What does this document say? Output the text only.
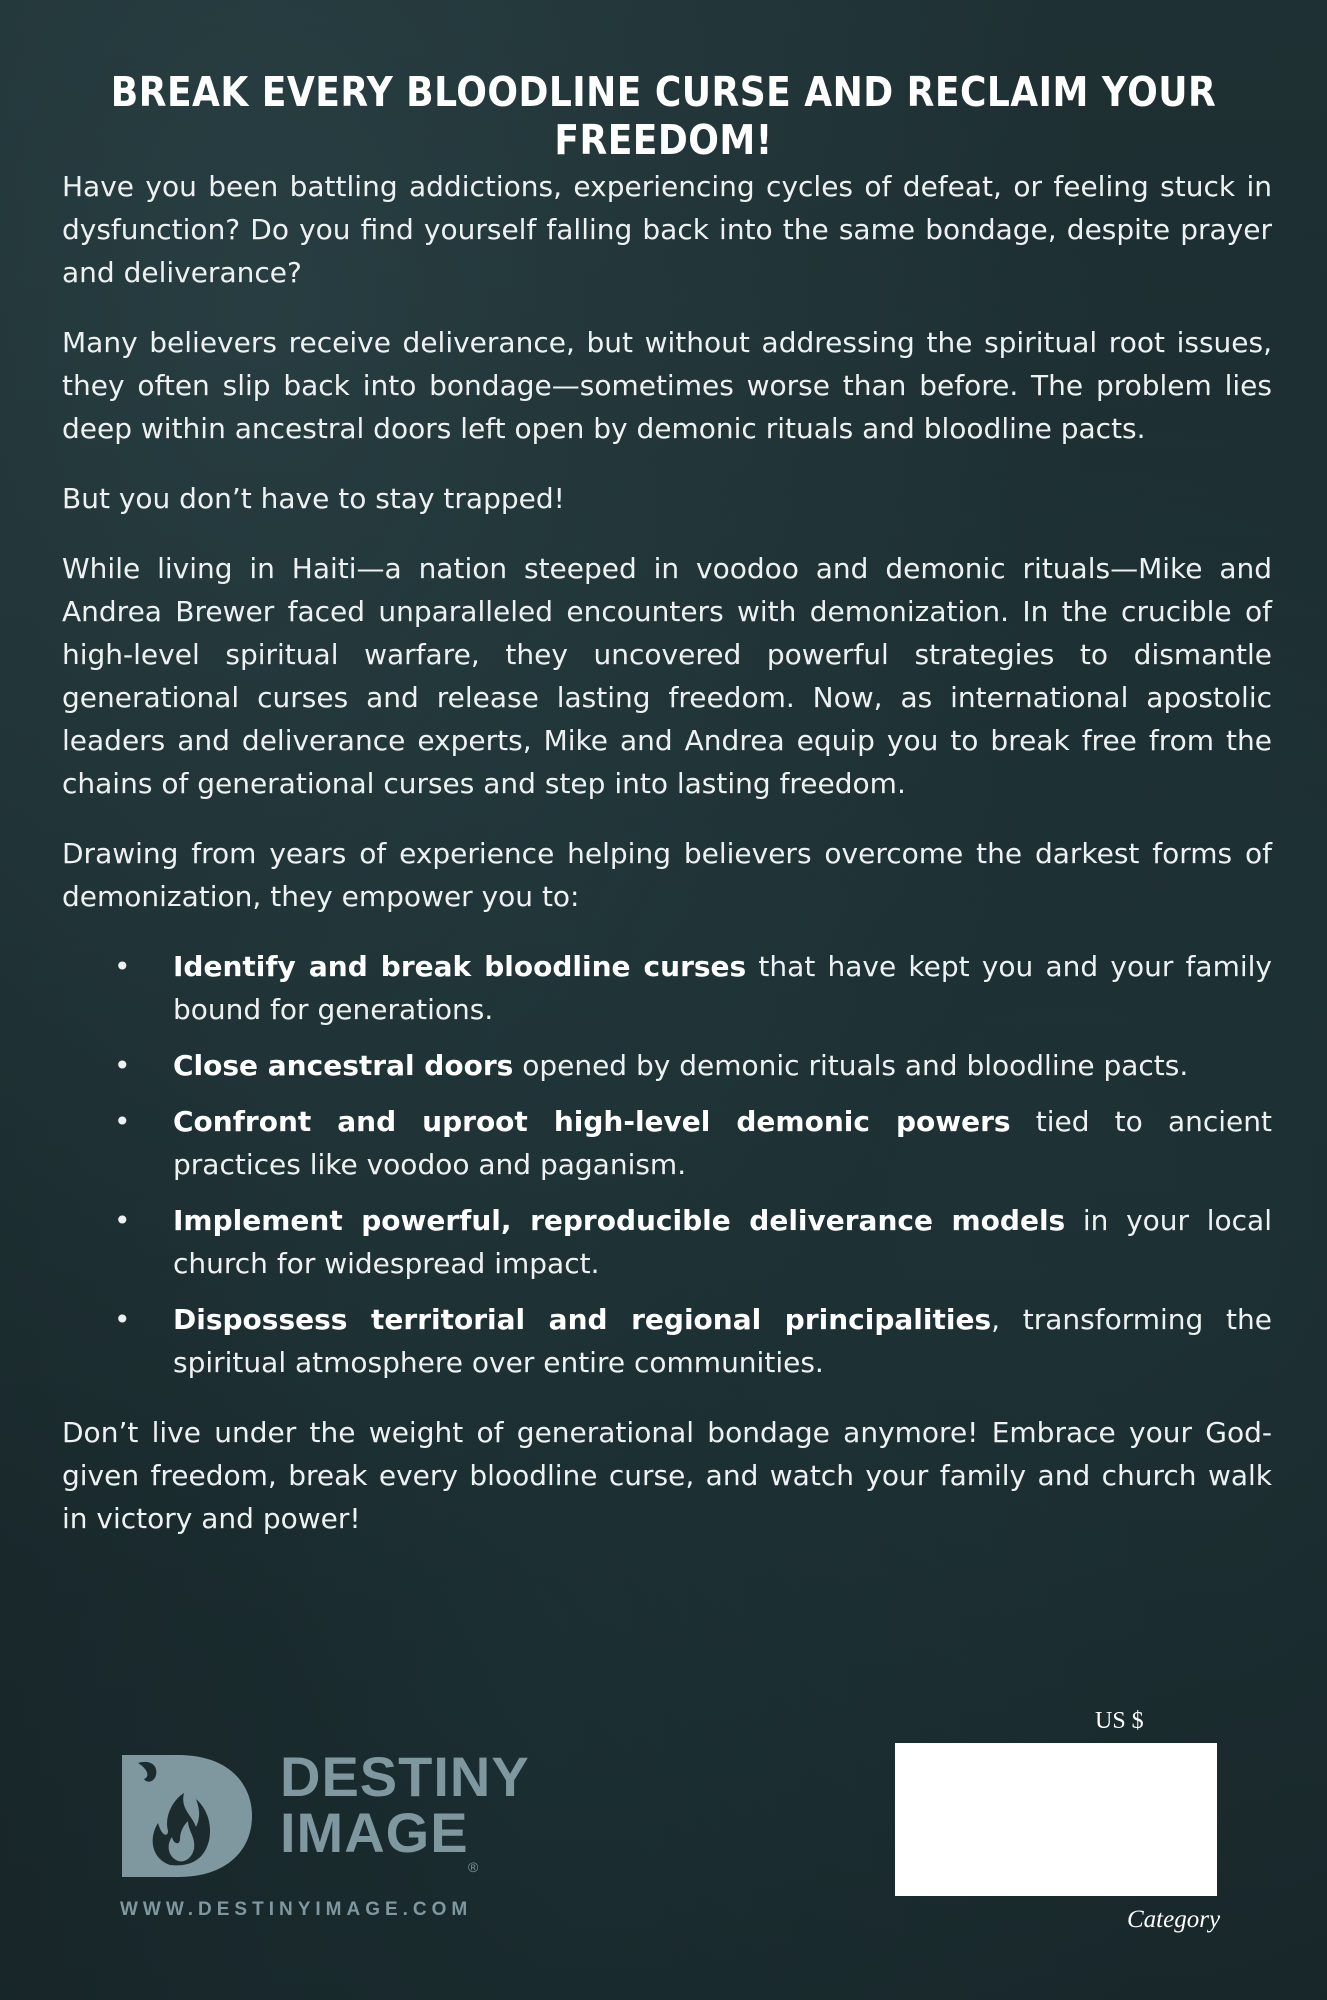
BREAK EVERY BLOODLINE CURSE AND RECLAIM YOUR FREEDOM!

Have you been battling addictions, experiencing cycles of defeat, or feeling stuck in dysfunction? Do you find yourself falling back into the same bondage, despite prayer and deliverance?

Many believers receive deliverance, but without addressing the spiritual root issues, they often slip back into bondage—sometimes worse than before. The problem lies deep within ancestral doors left open by demonic rituals and bloodline pacts.

But you don’t have to stay trapped!

While living in Haiti—a nation steeped in voodoo and demonic rituals—Mike and Andrea Brewer faced unparalleled encounters with demonization. In the crucible of high-level spiritual warfare, they uncovered powerful strategies to dismantle generational curses and release lasting freedom. Now, as international apostolic leaders and deliverance experts, Mike and Andrea equip you to break free from the chains of generational curses and step into lasting freedom.

Drawing from years of experience helping believers overcome the darkest forms of demonization, they empower you to:

• Identify and break bloodline curses that have kept you and your family bound for generations.
• Close ancestral doors opened by demonic rituals and bloodline pacts.
• Confront and uproot high-level demonic powers tied to ancient practices like voodoo and paganism.
• Implement powerful, reproducible deliverance models in your local church for widespread impact.
• Dispossess territorial and regional principalities, transforming the spiritual atmosphere over entire communities.

Don’t live under the weight of generational bondage anymore! Embrace your God-given freedom, break every bloodline curse, and watch your family and church walk in victory and power!

DESTINY
IMAGE
®
WWW.DESTINYIMAGE.COM
US $
Category
